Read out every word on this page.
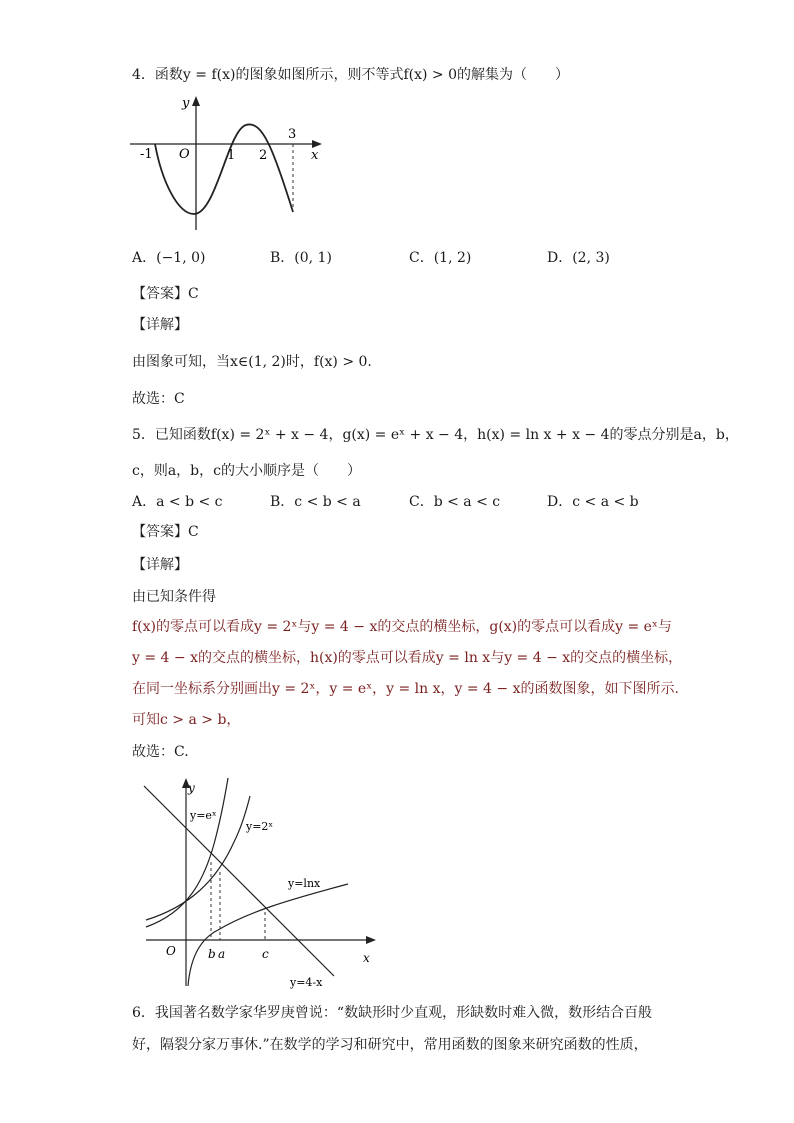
4．函数y = f(x)的图象如图所示，则不等式f(x) > 0的解集为（　　）
y
x
O
-1	1 2
3
A．(−1, 0)	B．(0, 1)	C．(1, 2)	D．(2, 3)
【答案】C
【详解】
由图象可知，当x∈(1, 2)时，f(x) > 0.
故选：C
5．已知函数f(x) = 2ˣ + x − 4，g(x) = eˣ + x − 4，h(x) = ln x + x − 4的零点分别是a，b，
c，则a，b，c的大小顺序是（　　）
A．a < b < c	B．c < b < a	C．b < a < c	D．c < a < b
【答案】C
【详解】
由已知条件得
f(x)的零点可以看成y = 2ˣ与y = 4 − x的交点的横坐标，g(x)的零点可以看成y = eˣ与
y = 4 − x的交点的横坐标，h(x)的零点可以看成y = ln x与y = 4 − x的交点的横坐标，
在同一坐标系分别画出y = 2ˣ，y = eˣ，y = ln x，y = 4 − x的函数图象，如下图所示.
可知c > a > b，
故选：C.
y
x
O
y=eˣ
y=2ˣ
y=lnx
y=4-x
b a	c
6．我国著名数学家华罗庚曾说：“数缺形时少直观，形缺数时难入微，数形结合百般
好，隔裂分家万事休.”在数学的学习和研究中，常用函数的图象来研究函数的性质，
